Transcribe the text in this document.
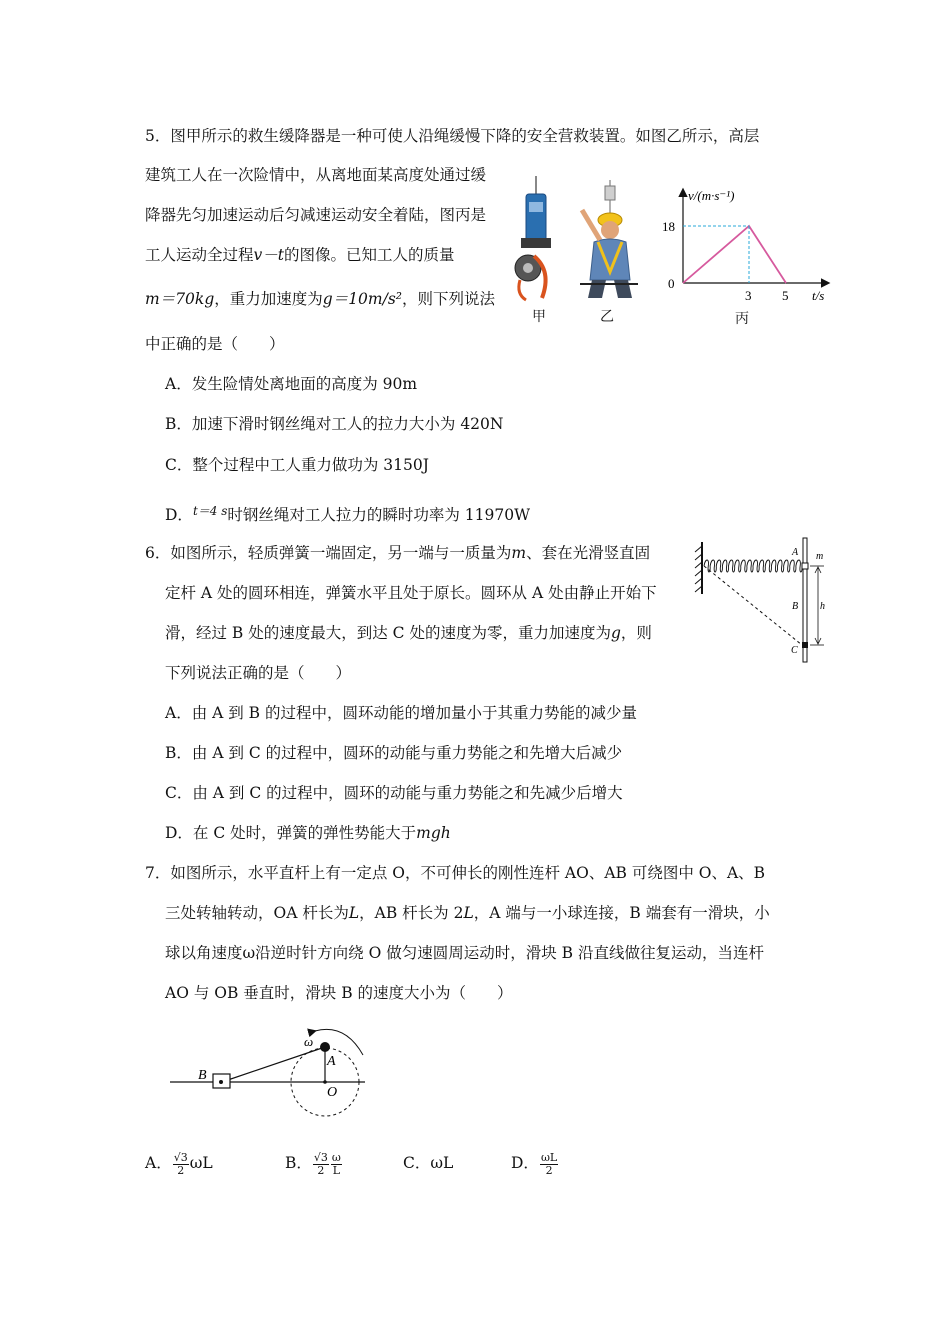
5．图甲所示的救生缓降器是一种可使人沿绳缓慢下降的安全营救装置。如图乙所示，高层
建筑工人在一次险情中，从离地面某高度处通过缓
降器先匀加速运动后匀减速运动安全着陆，图丙是
工人运动全过程v－t的图像。已知工人的质量
m＝70kg，重力加速度为g＝10m/s²，则下列说法
中正确的是（　　）
甲	乙
v/(m·s⁻¹)
18
0
3 5 t/s
丙
A．发生险情处离地面的高度为 90m
B．加速下滑时钢丝绳对工人的拉力大小为 420N
C．整个过程中工人重力做功为 3150J
D．$^{t=4 s}$时钢丝绳对工人拉力的瞬时功率为 11970W
6．如图所示，轻质弹簧一端固定，另一端与一质量为m、套在光滑竖直固
定杆 A 处的圆环相连，弹簧水平且处于原长。圆环从 A 处由静止开始下
滑，经过 B 处的速度最大，到达 C 处的速度为零，重力加速度为g，则
下列说法正确的是（　　）
A
B
C
m
h
A．由 A 到 B 的过程中，圆环动能的增加量小于其重力势能的减少量
B．由 A 到 C 的过程中，圆环的动能与重力势能之和先增大后减少
C．由 A 到 C 的过程中，圆环的动能与重力势能之和先减少后增大
D．在 C 处时，弹簧的弹性势能大于mgh
7．如图所示，水平直杆上有一定点 O，不可伸长的刚性连杆 AO、AB 可绕图中 O、A、B
三处转轴转动，OA 杆长为L，AB 杆长为 2L，A 端与一小球连接，B 端套有一滑块，小
球以角速度ω沿逆时针方向绕 O 做匀速圆周运动时，滑块 B 沿直线做往复运动，当连杆
AO 与 OB 垂直时，滑块 B 的速度大小为（　　）
B
A
O
ω
A． $\frac{√3}{2}$ ωL	B． $\frac{√3}{2} \frac{\omega}{L}$	C．ωL	D． $\frac{\omega L}{2}$
